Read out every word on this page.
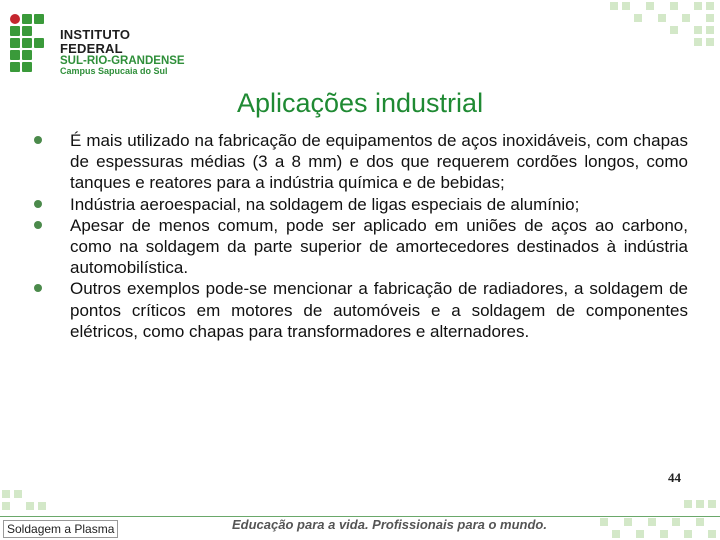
INSTITUTO FEDERAL
SUL-RIO-GRANDENSE
Campus Sapucaia do Sul
Aplicações industrial
É mais utilizado na fabricação de equipamentos de aços inoxidáveis, com chapas de espessuras médias (3 a 8 mm) e dos que requerem cordões longos, como tanques e reatores para a indústria química e de bebidas;
Indústria aeroespacial, na soldagem de ligas especiais de alumínio;
Apesar de menos comum, pode ser aplicado em uniões de aços ao carbono, como na soldagem da parte superior de amortecedores destinados à indústria automobilística.
Outros exemplos pode-se mencionar a fabricação de radiadores, a soldagem de pontos críticos em motores de automóveis e a soldagem de componentes elétricos, como chapas para transformadores e alternadores.
44
Educação para a vida. Profissionais para o mundo.
Soldagem a Plasma
